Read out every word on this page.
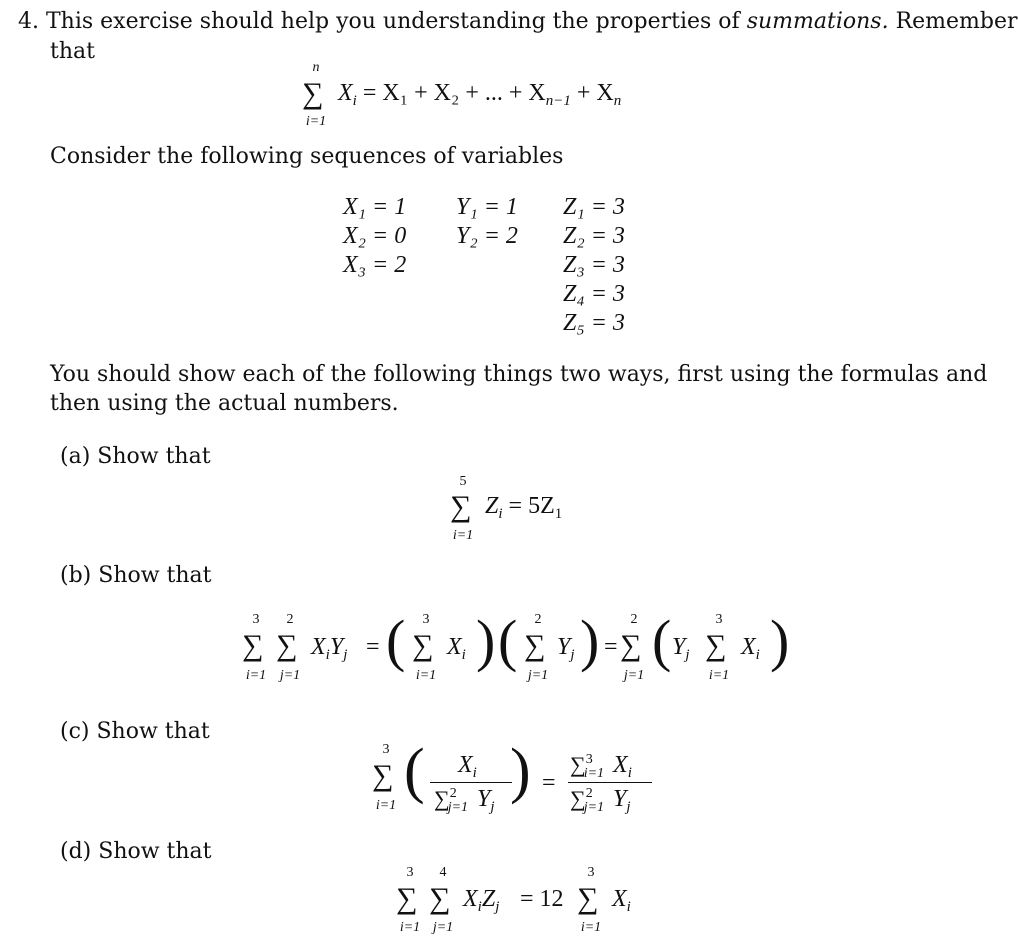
4. This exercise should help you understanding the properties of summations. Remember
that
n
∑
i=1
$X_i = X_1 + X_2$ + ... + $X_{n-1} + X_n$
Consider the following sequences of variables
X₁ = 1
X₂ = 0
X₃ = 2
Y₁ = 1
Y₂ = 2
Z₁ = 3
Z₂ = 3
Z₃ = 3
Z₄ = 3
Z₅ = 3
You should show each of the following things two ways, first using the formulas and
then using the actual numbers.
(a) Show that
5
∑
i=1
$Z_i = 5Z_1$
(b) Show that
3
∑
i=1
2
∑
j=1
$X_iY_j$ = (	3
∑
i=1
$X_i$ ) (	2
∑
j=1
$Y_j$ ) =
2
∑
j=1
( $Y_j$
3
∑
i=1
$X_i$ )
(c) Show that
3
∑
i=1
( $X_i$
∑2j=1 $Y_j$
) =
∑3i=1 $X_i$
∑2j=1 $Y_j$
(d) Show that
3
∑
i=1
4
∑
j=1
$X_iZ_j = 12$
3
∑
i=1
$X_i$
